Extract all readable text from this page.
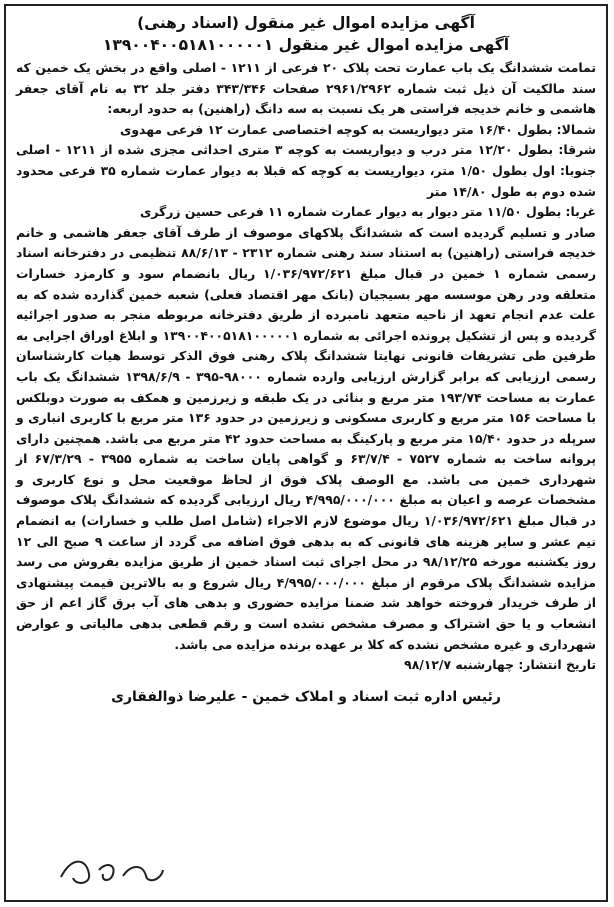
آگهی مزایده اموال غیر منقول (اسناد رهنی)
آگهی مزایده اموال غیر منقول ۱۳۹۰۰۴۰۰۵۱۸۱۰۰۰۰۰۱

تمامت ششدانگ یک باب عمارت تحت پلاک ۲۰ فرعی از ۱۲۱۱ - اصلی واقع در بخش یک خمین که سند مالکیت آن ذیل ثبت شماره ۲۹۶۱/۲۹۶۲ صفحات ۳۴۳/۳۴۶ دفتر جلد ۳۲ به نام آقای جعفر هاشمی و خانم خدیجه فراستی هر یک نسبت به سه دانگ (راهنین) به حدود اربعه:

شمالا: بطول ۱۶/۴۰ متر دیواریست به کوچه اختصاصی عمارت ۱۲ فرعی مهدوی

شرقا: بطول ۱۲/۲۰ متر درب و دیواریست به کوچه ۳ متری احداثی مجزی شده از ۱۲۱۱ - اصلی جنوبا: اول بطول ۱/۵۰ متر، دیواریست به کوچه که قبلا به دیوار عمارت شماره ۳۵ فرعی محدود شده دوم به طول ۱۴/۸۰ متر

غربا: بطول ۱۱/۵۰ متر دیوار به دیوار عمارت شماره ۱۱ فرعی حسین زرگری

صادر و تسلیم گردیده است که ششدانگ پلاکهای موصوف از طرف آقای جعفر هاشمی و خانم خدیجه فراستی (راهنین) به استناد سند رهنی شماره ۲۳۱۲ - ۸۸/۶/۱۳ تنظیمی در دفترخانه اسناد رسمی شماره ۱ خمین در قبال مبلغ ۱/۰۳۶/۹۷۲/۶۲۱ ریال بانضمام سود و کارمزد خسارات متعلقه ودر رهن موسسه مهر بسیجیان (بانک مهر اقتصاد فعلی) شعبه خمین گذارده شده که به علت عدم انجام تعهد از ناحیه متعهد نامبرده از طریق دفترخانه مربوطه منجر به صدور اجرائیه گردیده و پس از تشکیل پرونده اجرائی به شماره ۱۳۹۰۰۴۰۰۵۱۸۱۰۰۰۰۰۱ و ابلاغ اوراق اجرایی به طرفین طی تشریفات قانونی نهایتا ششدانگ پلاک رهنی فوق الذکر توسط هیات کارشناسان رسمی ارزیابی که برابر گزارش ارزیابی وارده شماره ۹۸۰۰۰-۳۹۵ - ۱۳۹۸/۶/۹ ششدانگ یک باب عمارت به مساحت ۱۹۳/۷۴ متر مربع و بنائی در یک طبقه و زیرزمین و همکف به صورت دوبلکس با مساحت ۱۵۶ متر مربع و کاربری مسکونی و زیرزمین در حدود ۱۳۶ متر مربع با کاربری انباری و سرپله در حدود ۱۵/۴۰ متر مربع و پارکینگ به مساحت حدود ۴۲ متر مربع می باشد. همچنین دارای پروانه ساخت به شماره ۷۵۲۷ - ۶۳/۷/۴ و گواهی پایان ساخت به شماره ۳۹۵۵ - ۶۷/۳/۲۹ از شهرداری خمین می باشد. مع الوصف پلاک فوق از لحاظ موقعیت محل و نوع کاربری و مشخصات عرصه و اعیان به مبلغ ۴/۹۹۵/۰۰۰/۰۰۰ ریال ارزیابی گردیده که ششدانگ پلاک موصوف در قبال مبلغ ۱/۰۳۶/۹۷۲/۶۲۱ ریال موضوع لازم الاجراء (شامل اصل طلب و خسارات) به انضمام نیم عشر و سایر هزینه های قانونی که به بدهی فوق اضافه می گردد از ساعت ۹ صبح الی ۱۲ روز یکشنبه مورخه ۹۸/۱۲/۲۵ در محل اجرای ثبت اسناد خمین از طریق مزایده بفروش می رسد مزایده ششدانگ پلاک مرقوم از مبلغ ۴/۹۹۵/۰۰۰/۰۰۰ ریال شروع و به بالاترین قیمت پیشنهادی از طرف خریدار فروخته خواهد شد ضمنا مزایده حضوری و بدهی های آب برق گاز اعم از حق انشعاب و یا حق اشتراک و مصرف مشخص نشده است و رقم قطعی بدهی مالیاتی و عوارض شهرداری و غیره مشخص نشده که کلا بر عهده برنده مزایده می باشد.

تاریخ انتشار: چهارشنبه ۹۸/۱۲/۷

رئیس اداره ثبت اسناد و املاک خمین - علیرضا ذوالفقاری
